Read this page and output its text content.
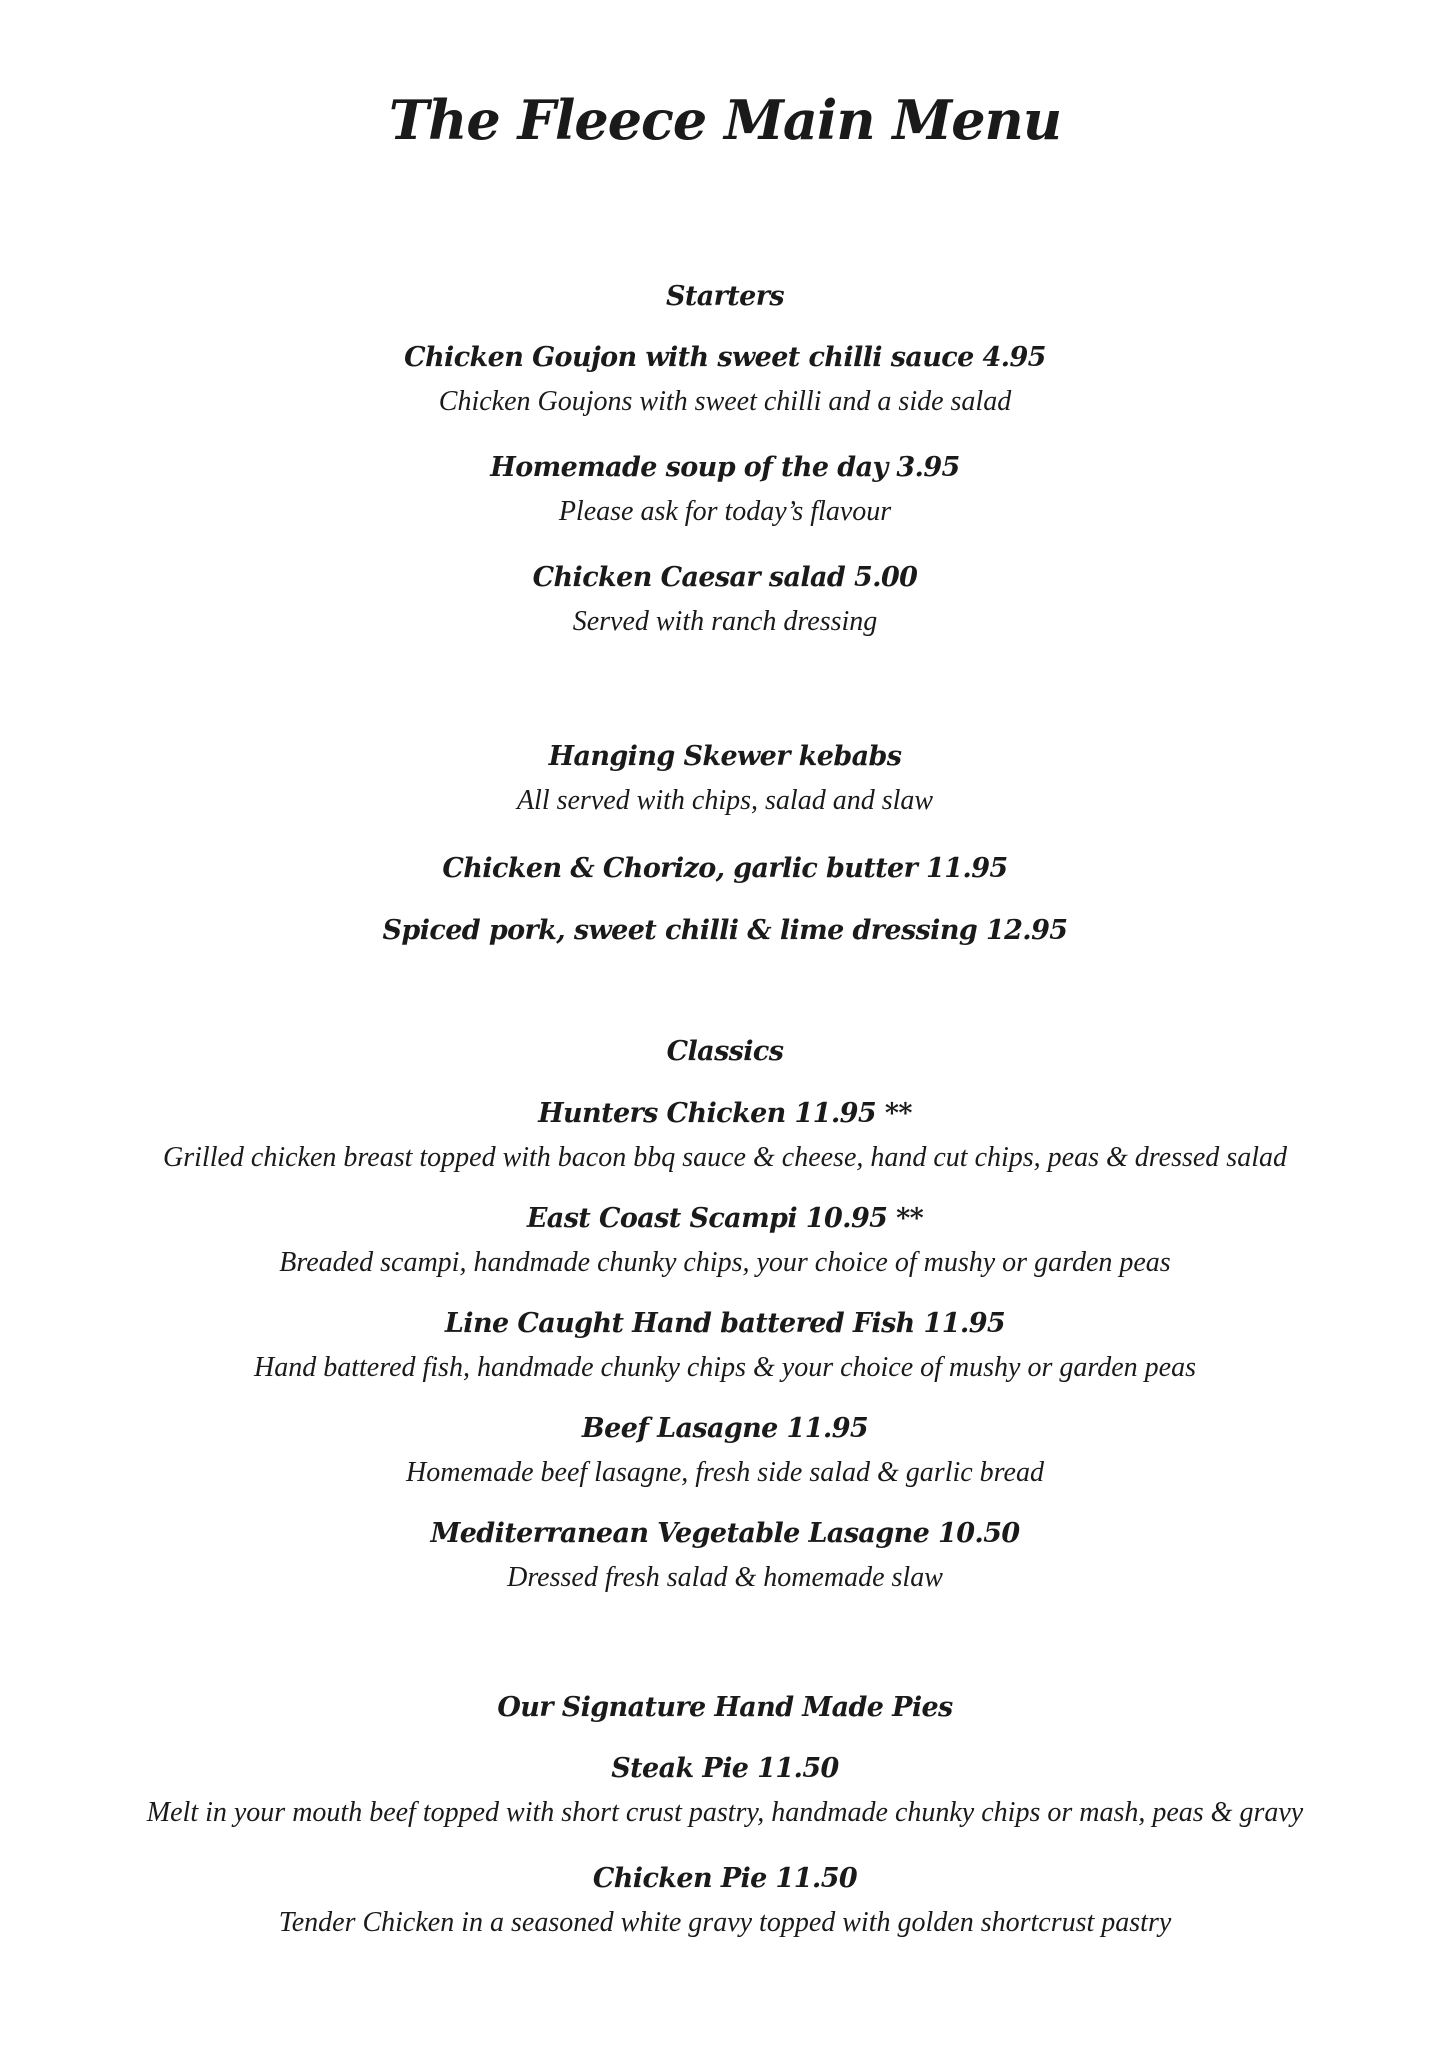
The Fleece Main Menu
Starters
Chicken Goujon with sweet chilli sauce 4.95
Chicken Goujons with sweet chilli and a side salad
Homemade soup of the day 3.95
Please ask for today’s flavour
Chicken Caesar salad 5.00
Served with ranch dressing
Hanging Skewer kebabs
All served with chips, salad and slaw
Chicken & Chorizo, garlic butter 11.95
Spiced pork, sweet chilli & lime dressing 12.95
Classics
Hunters Chicken 11.95 **
Grilled chicken breast topped with bacon bbq sauce & cheese, hand cut chips, peas & dressed salad
East Coast Scampi 10.95 **
Breaded scampi, handmade chunky chips, your choice of mushy or garden peas
Line Caught Hand battered Fish 11.95
Hand battered fish, handmade chunky chips & your choice of mushy or garden peas
Beef Lasagne 11.95
Homemade beef lasagne, fresh side salad & garlic bread
Mediterranean Vegetable Lasagne 10.50
Dressed fresh salad & homemade slaw
Our Signature Hand Made Pies
Steak Pie 11.50
Melt in your mouth beef topped with short crust pastry, handmade chunky chips or mash, peas & gravy
Chicken Pie 11.50
Tender Chicken in a seasoned white gravy topped with golden shortcrust pastry
